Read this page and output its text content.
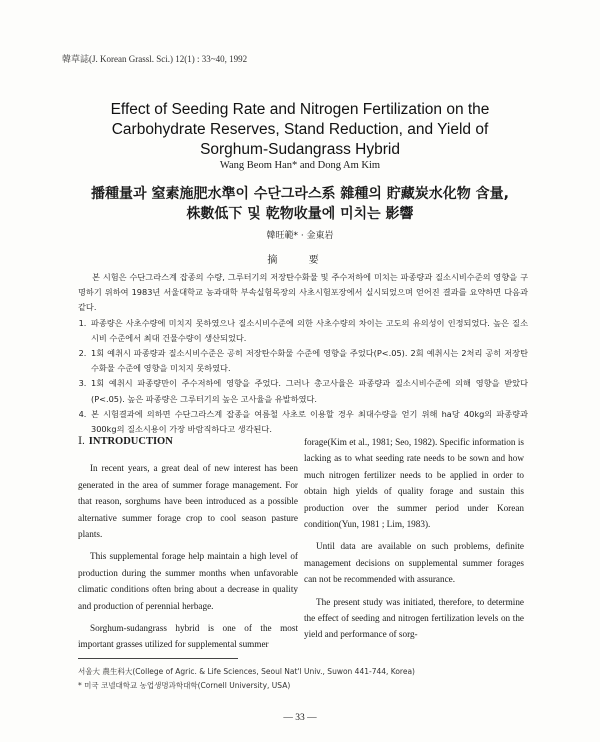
韓草誌(J. Korean Grassl. Sci.) 12(1) : 33~40, 1992
Effect of Seeding Rate and Nitrogen Fertilization on the
Carbohydrate Reserves, Stand Reduction, and Yield of
Sorghum-Sudangrass Hybrid
Wang Beom Han* and Dong Am Kim
播種量과 窒素施肥水準이 수단그라스系 雜種의 貯藏炭水化物 含量,
株數低下 및 乾物收量에 미치는 影響
韓旺範* · 金東岩
摘 要

본 시험은 수단그라스계 잡종의 수량, 그루터기의 저장탄수화물 및 주수저하에 미치는 파종량과 질소시비수준의 영향을 구명하기 위하여 1983년 서울대학교 농과대학 부속실험목장의 사초시험포장에서 실시되었으며 얻어진 결과를 요약하면 다음과 같다.

1. 파종량은 사초수량에 미치지 못하였으나 질소시비수준에 의한 사초수량의 차이는 고도의 유의성이 인정되었다. 높은 질소시비 수준에서 최대 건물수량이 생산되었다.
2. 1회 예취시 파종량과 질소시비수준은 공히 저장탄수화물 수준에 영향을 주었다(P<.05). 2회 예취시는 2처리 공히 저장탄수화물 수준에 영향을 미치지 못하였다.
3. 1회 예취시 파종량만이 주수저하에 영향을 주었다. 그러나 총고사율은 파종량과 질소시비수준에 의해 영향을 받았다(P<.05). 높은 파종량은 그루터기의 높은 고사율을 유발하였다.
4. 본 시험결과에 의하면 수단그라스계 잡종을 여름철 사초로 이용할 경우 최대수량을 얻기 위해 ha당 40kg의 파종량과 300kg의 질소시용이 가장 바람직하다고 생각된다.
Ⅰ. INTRODUCTION

In recent years, a great deal of new interest has been generated in the area of summer forage management. For that reason, sorghums have been introduced as a possible alternative summer forage crop to cool season pasture plants.

This supplemental forage help maintain a high level of production during the summer months when unfavorable climatic conditions often bring about a decrease in quality and production of perennial herbage.

Sorghum-sudangrass hybrid is one of the most important grasses utilized for supplemental summer

forage(Kim et al., 1981; Seo, 1982). Specific information is lacking as to what seeding rate needs to be sown and how much nitrogen fertilizer needs to be applied in order to obtain high yields of quality forage and sustain this production over the summer period under Korean condition(Yun, 1981 ; Lim, 1983).

Until data are available on such problems, definite management decisions on supplemental summer forages can not be recommended with assurance.

The present study was initiated, therefore, to determine the effect of seeding and nitrogen fertilization levels on the yield and performance of sorg-

서울大 農生科大(College of Agric. & Life Sciences, Seoul Nat'l Univ., Suwon 441-744, Korea)
* 미국 코넬대학교 농업생명과학대학(Cornell University, USA)
— 33 —
